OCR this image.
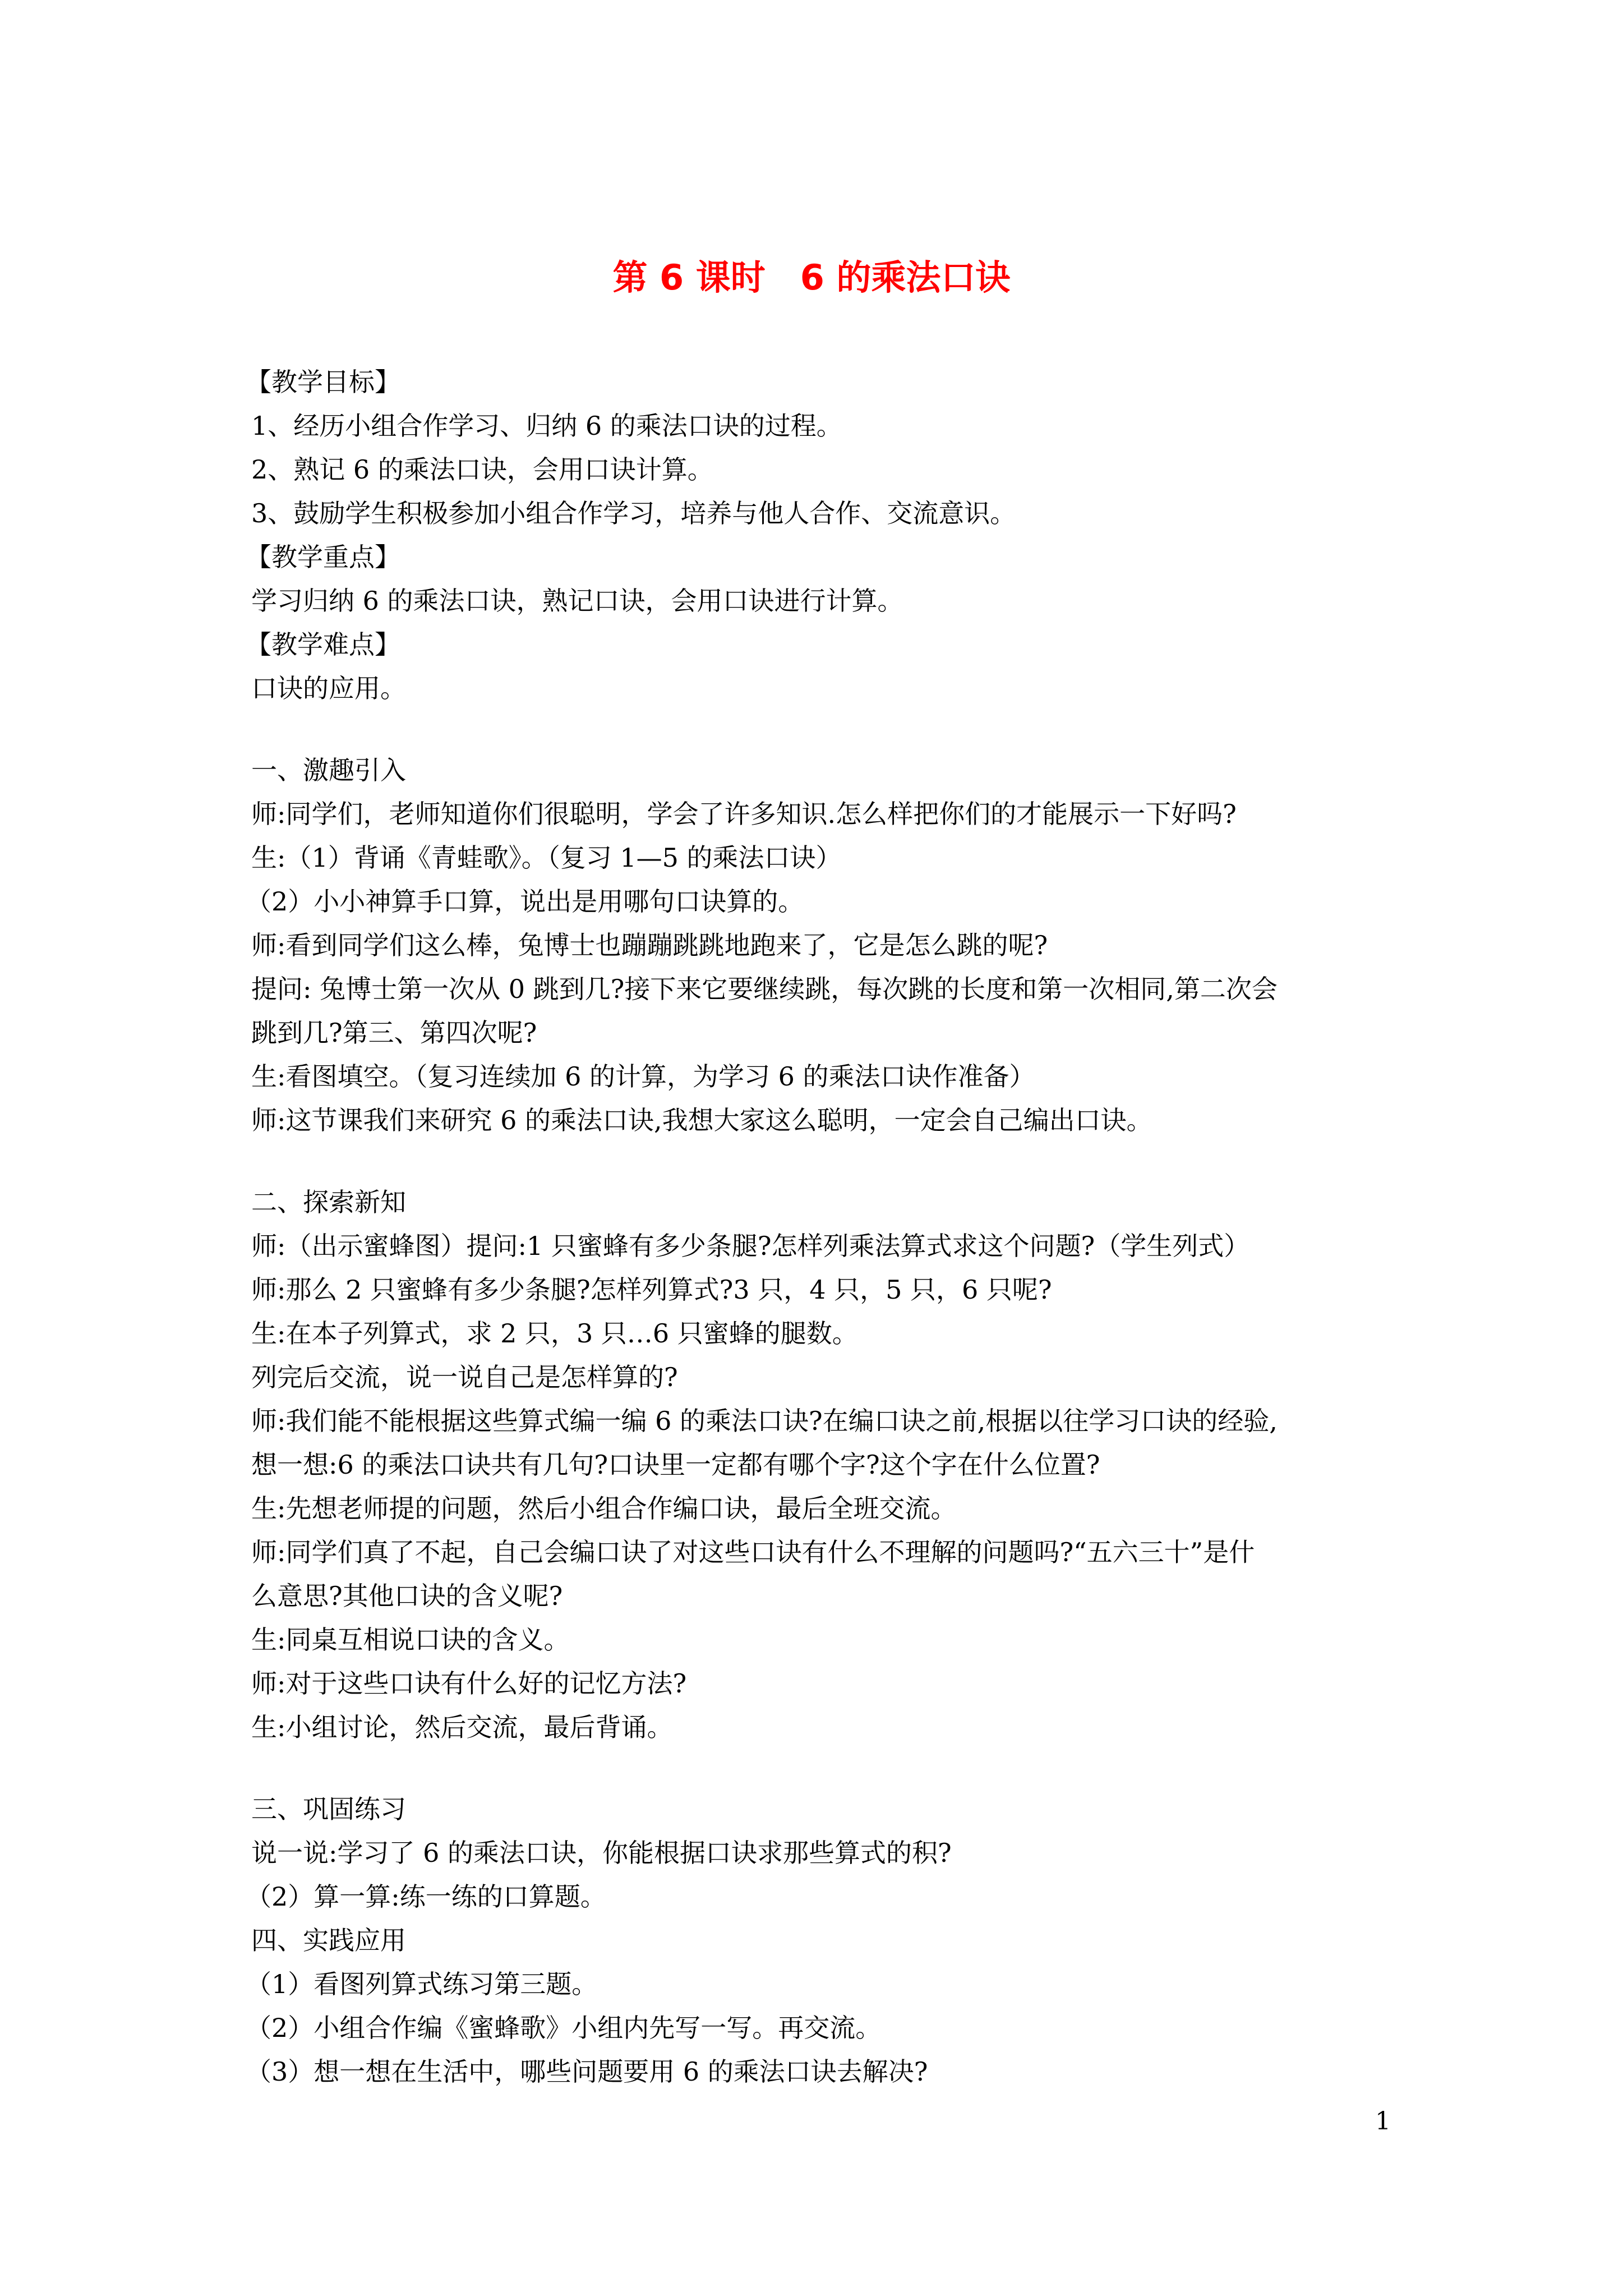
第 6 课时　6 的乘法口诀
【教学目标】
1、经历小组合作学习、归纳 6 的乘法口诀的过程。
2、熟记 6 的乘法口诀，会用口诀计算。
3、鼓励学生积极参加小组合作学习，培养与他人合作、交流意识。
【教学重点】
学习归纳 6 的乘法口诀，熟记口诀，会用口诀进行计算。
【教学难点】
口诀的应用。
一、激趣引入
师:同学们，老师知道你们很聪明，学会了许多知识.怎么样把你们的才能展示一下好吗?
生:（1）背诵《青蛙歌》。（复习 1—5 的乘法口诀）
（2）小小神算手口算，说出是用哪句口诀算的。
师:看到同学们这么棒，兔博士也蹦蹦跳跳地跑来了，它是怎么跳的呢?
提问: 兔博士第一次从 0 跳到几?接下来它要继续跳，每次跳的长度和第一次相同,第二次会
跳到几?第三、第四次呢?
生:看图填空。（复习连续加 6 的计算，为学习 6 的乘法口诀作准备）
师:这节课我们来研究 6 的乘法口诀,我想大家这么聪明，一定会自己编出口诀。
二、探索新知
师:（出示蜜蜂图）提问:1 只蜜蜂有多少条腿?怎样列乘法算式求这个问题?（学生列式）
师:那么 2 只蜜蜂有多少条腿?怎样列算式?3 只，4 只，5 只，6 只呢?
生:在本子列算式，求 2 只，3 只…6 只蜜蜂的腿数。
列完后交流，说一说自己是怎样算的?
师:我们能不能根据这些算式编一编 6 的乘法口诀?在编口诀之前,根据以往学习口诀的经验,
想一想:6 的乘法口诀共有几句?口诀里一定都有哪个字?这个字在什么位置?
生:先想老师提的问题，然后小组合作编口诀，最后全班交流。
师:同学们真了不起，自己会编口诀了对这些口诀有什么不理解的问题吗?“五六三十”是什
么意思?其他口诀的含义呢?
生:同桌互相说口诀的含义。
师:对于这些口诀有什么好的记忆方法?
生:小组讨论，然后交流，最后背诵。
三、巩固练习
说一说:学习了 6 的乘法口诀，你能根据口诀求那些算式的积?
（2）算一算:练一练的口算题。
四、实践应用
（1）看图列算式练习第三题。
（2）小组合作编《蜜蜂歌》小组内先写一写。再交流。
（3）想一想在生活中，哪些问题要用 6 的乘法口诀去解决?
1
